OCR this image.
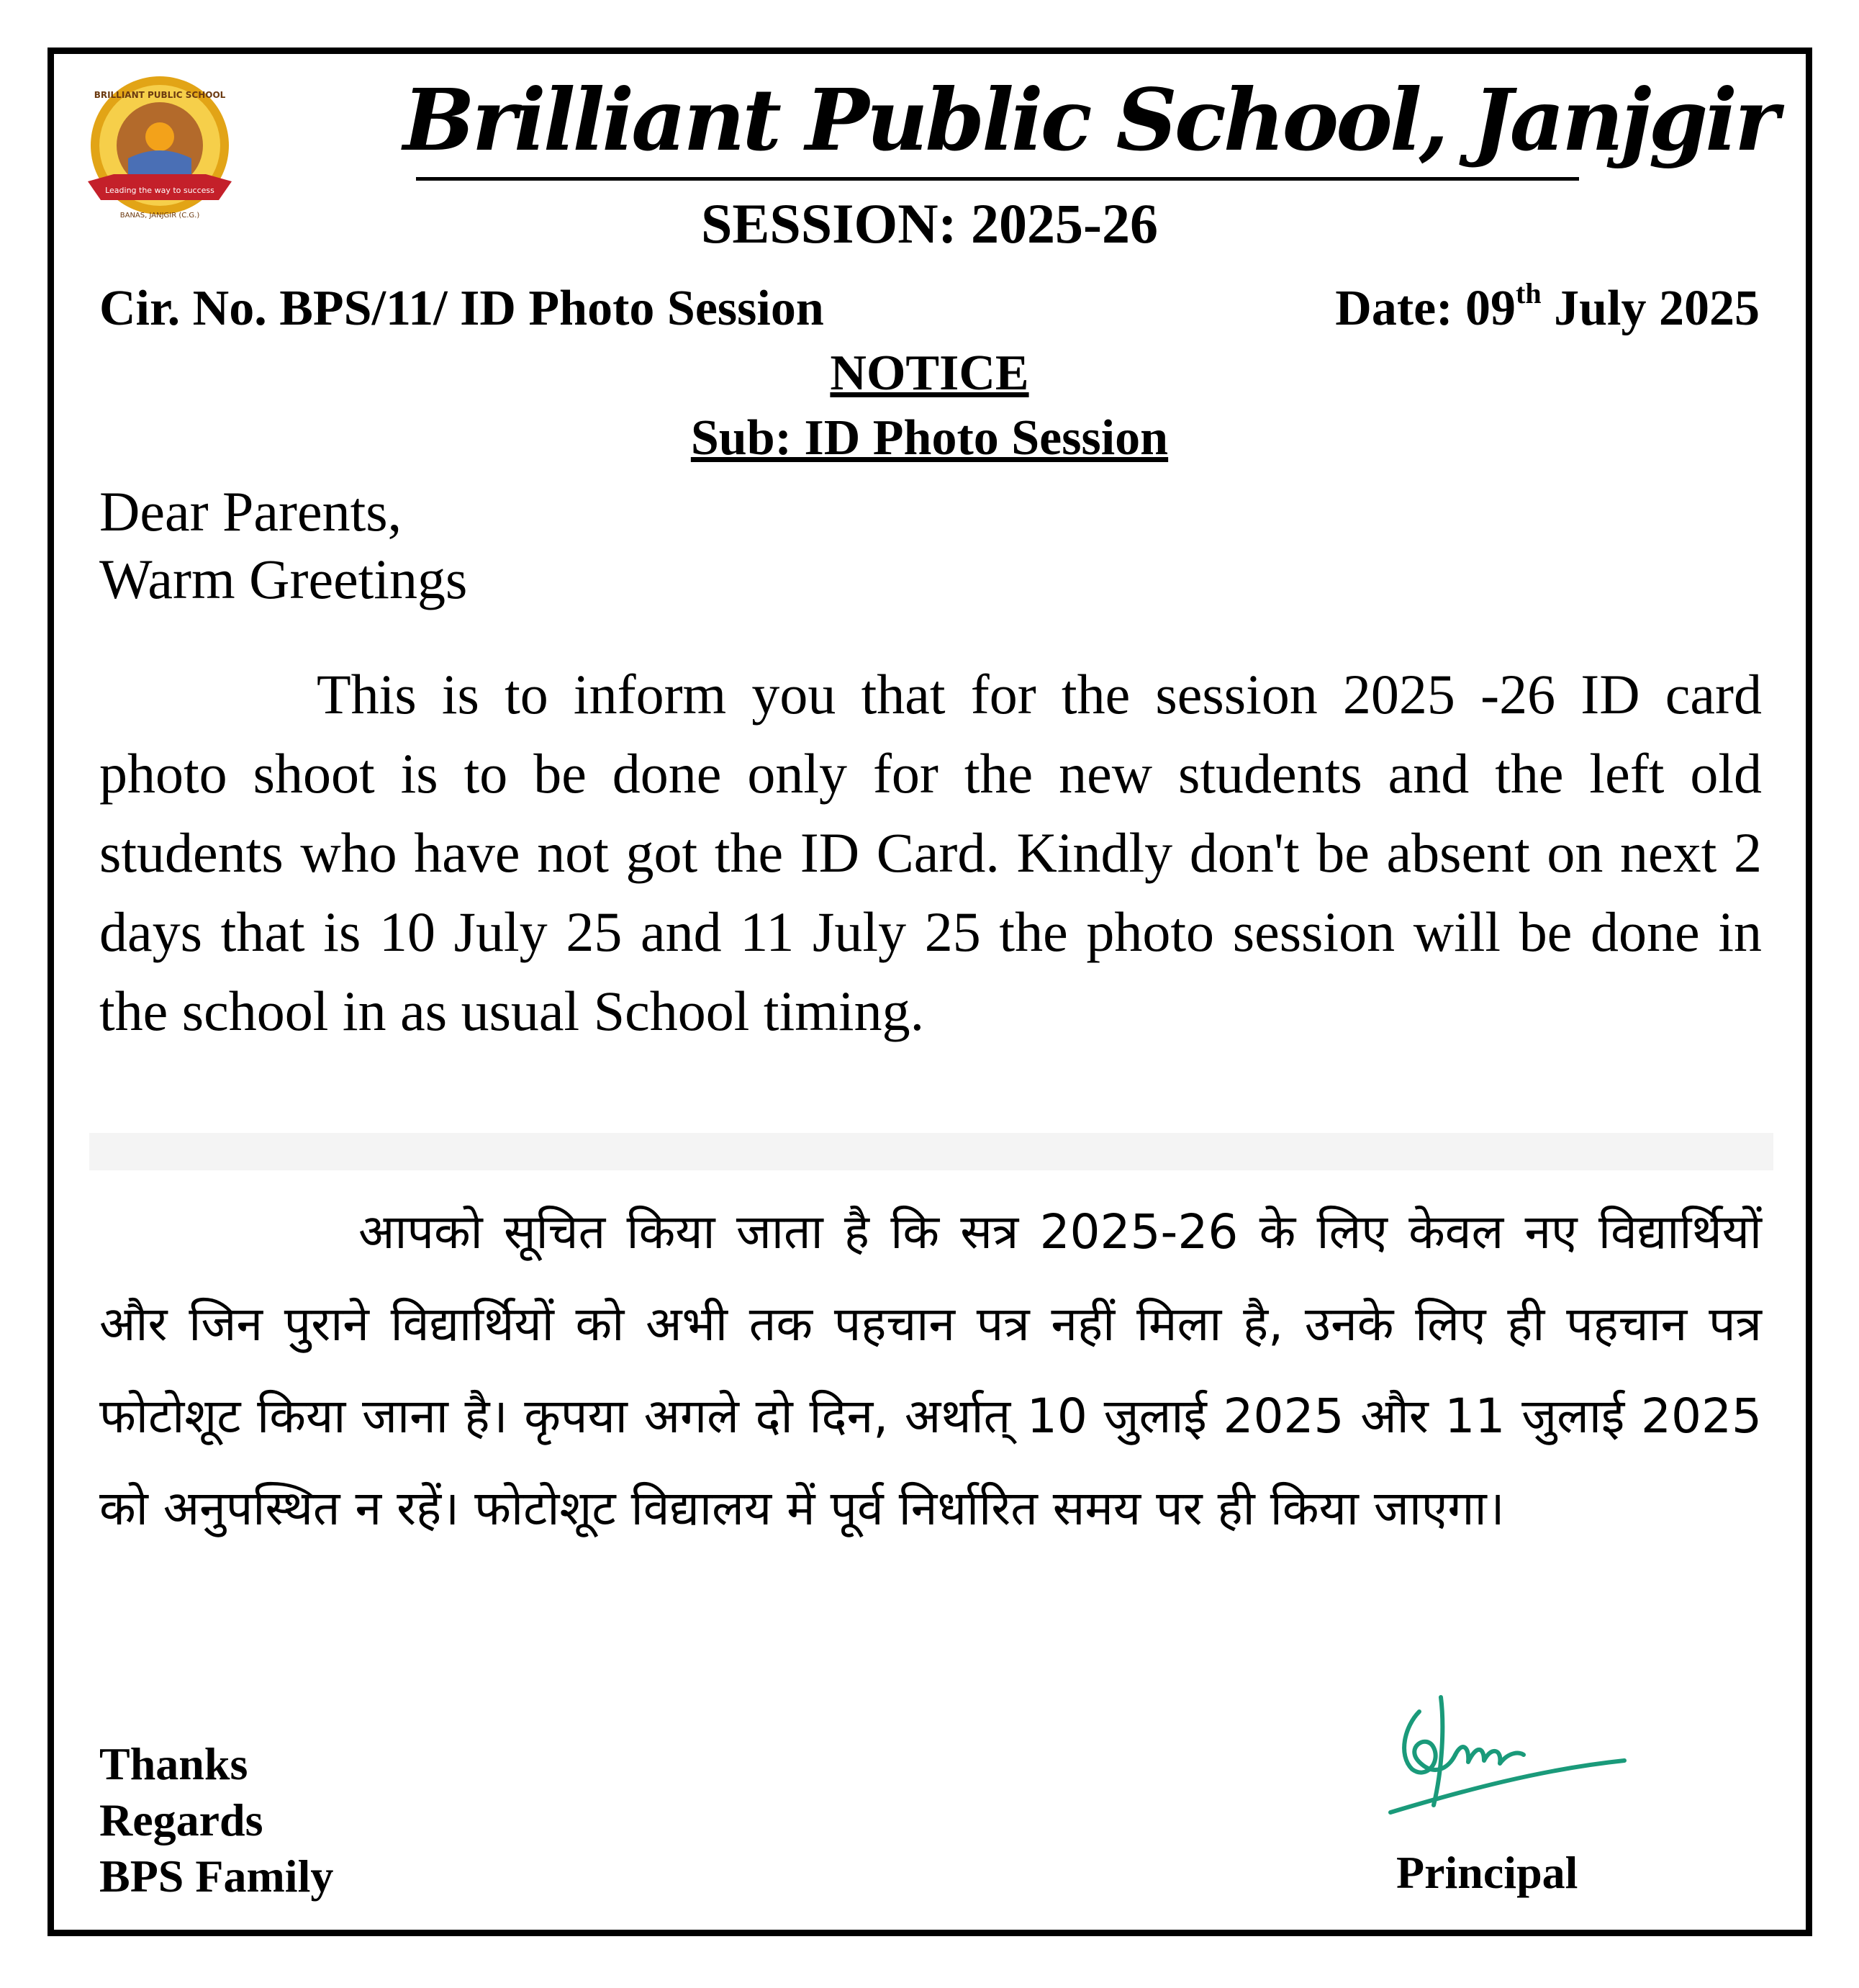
Leading the way to success
BRILLIANT PUBLIC SCHOOL
BANAS, JANJGIR (C.G.)
Brilliant Public School, Janjgir
SESSION: 2025-26
Cir. No. BPS/11/ ID Photo Session	Date: 09th July 2025
NOTICE
Sub: ID Photo Session
Dear Parents,
Warm Greetings

This is to inform you that for the session 2025 -26 ID card photo shoot is to be done only for the new students and the left old students who have not got the ID Card. Kindly don't be absent on next 2 days that is 10 July 25 and 11 July 25 the photo session will be done in the school in as usual School timing.

आपको सूचित किया जाता है कि सत्र 2025-26 के लिए केवल नए विद्यार्थियों और जिन पुराने विद्यार्थियों को अभी तक पहचान पत्र नहीं मिला है, उनके लिए ही पहचान पत्र फोटोशूट किया जाना है। कृपया अगले दो दिन, अर्थात् 10 जुलाई 2025 और 11 जुलाई 2025 को अनुपस्थित न रहें। फोटोशूट विद्यालय में पूर्व निर्धारित समय पर ही किया जाएगा।

Thanks
Regards
BPS Family	Principal
